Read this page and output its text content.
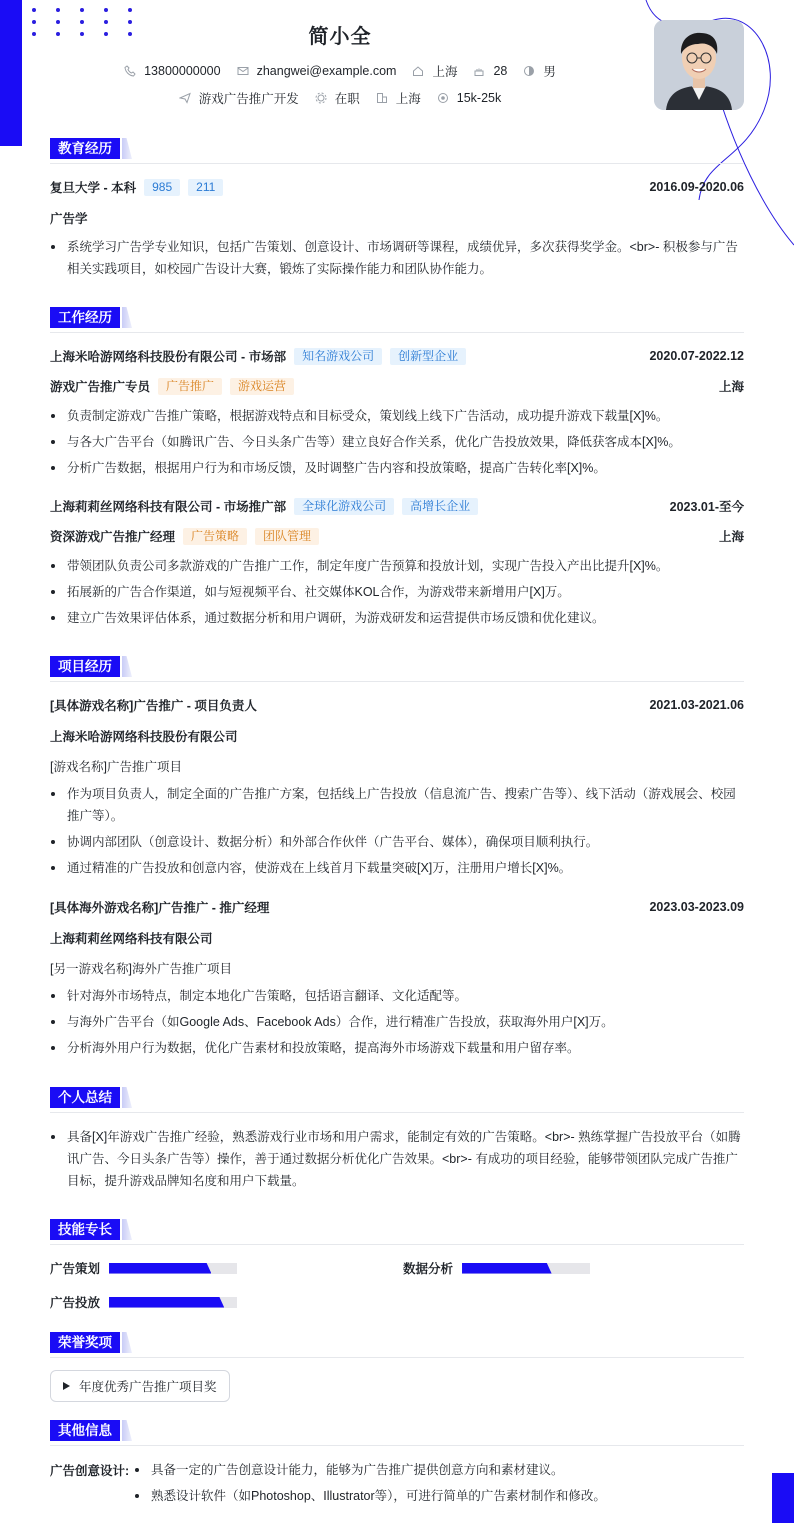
简小全
13800000000	zhangwei@example.com	上海	28	男
游戏广告推广开发	在职	上海	15k-25k
教育经历
复旦大学 - 本科	985	211	2016.09-2020.06
广告学
系统学习广告学专业知识，包括广告策划、创意设计、市场调研等课程，成绩优异，多次获得奖学金。<br>- 积极参与广告相关实践项目，如校园广告设计大赛，锻炼了实际操作能力和团队协作能力。
工作经历
上海米哈游网络科技股份有限公司 - 市场部	知名游戏公司	创新型企业	2020.07-2022.12
游戏广告推广专员	广告推广	游戏运营	上海
负责制定游戏广告推广策略，根据游戏特点和目标受众，策划线上线下广告活动，成功提升游戏下载量[X]%。
与各大广告平台（如腾讯广告、今日头条广告等）建立良好合作关系，优化广告投放效果，降低获客成本[X]%。
分析广告数据，根据用户行为和市场反馈，及时调整广告内容和投放策略，提高广告转化率[X]%。
上海莉莉丝网络科技有限公司 - 市场推广部	全球化游戏公司	高增长企业	2023.01-至今
资深游戏广告推广经理	广告策略	团队管理	上海
带领团队负责公司多款游戏的广告推广工作，制定年度广告预算和投放计划，实现广告投入产出比提升[X]%。
拓展新的广告合作渠道，如与短视频平台、社交媒体KOL合作，为游戏带来新增用户[X]万。
建立广告效果评估体系，通过数据分析和用户调研，为游戏研发和运营提供市场反馈和优化建议。
项目经历
[具体游戏名称]广告推广 - 项目负责人	2021.03-2021.06
上海米哈游网络科技股份有限公司
[游戏名称]广告推广项目
作为项目负责人，制定全面的广告推广方案，包括线上广告投放（信息流广告、搜索广告等）、线下活动（游戏展会、校园推广等）。
协调内部团队（创意设计、数据分析）和外部合作伙伴（广告平台、媒体），确保项目顺利执行。
通过精准的广告投放和创意内容，使游戏在上线首月下载量突破[X]万，注册用户增长[X]%。
[具体海外游戏名称]广告推广 - 推广经理	2023.03-2023.09
上海莉莉丝网络科技有限公司
[另一游戏名称]海外广告推广项目
针对海外市场特点，制定本地化广告策略，包括语言翻译、文化适配等。
与海外广告平台（如Google Ads、Facebook Ads）合作，进行精准广告投放，获取海外用户[X]万。
分析海外用户行为数据，优化广告素材和投放策略，提高海外市场游戏下载量和用户留存率。
个人总结
具备[X]年游戏广告推广经验，熟悉游戏行业市场和用户需求，能制定有效的广告策略。<br>- 熟练掌握广告投放平台（如腾讯广告、今日头条广告等）操作，善于通过数据分析优化广告效果。<br>- 有成功的项目经验，能够带领团队完成广告推广目标，提升游戏品牌知名度和用户下载量。
技能专长
广告策划	数据分析
广告投放
荣誉奖项
年度优秀广告推广项目奖
其他信息
广告创意设计:	具备一定的广告创意设计能力，能够为广告推广提供创意方向和素材建议。
熟悉设计软件（如Photoshop、Illustrator等），可进行简单的广告素材制作和修改。
